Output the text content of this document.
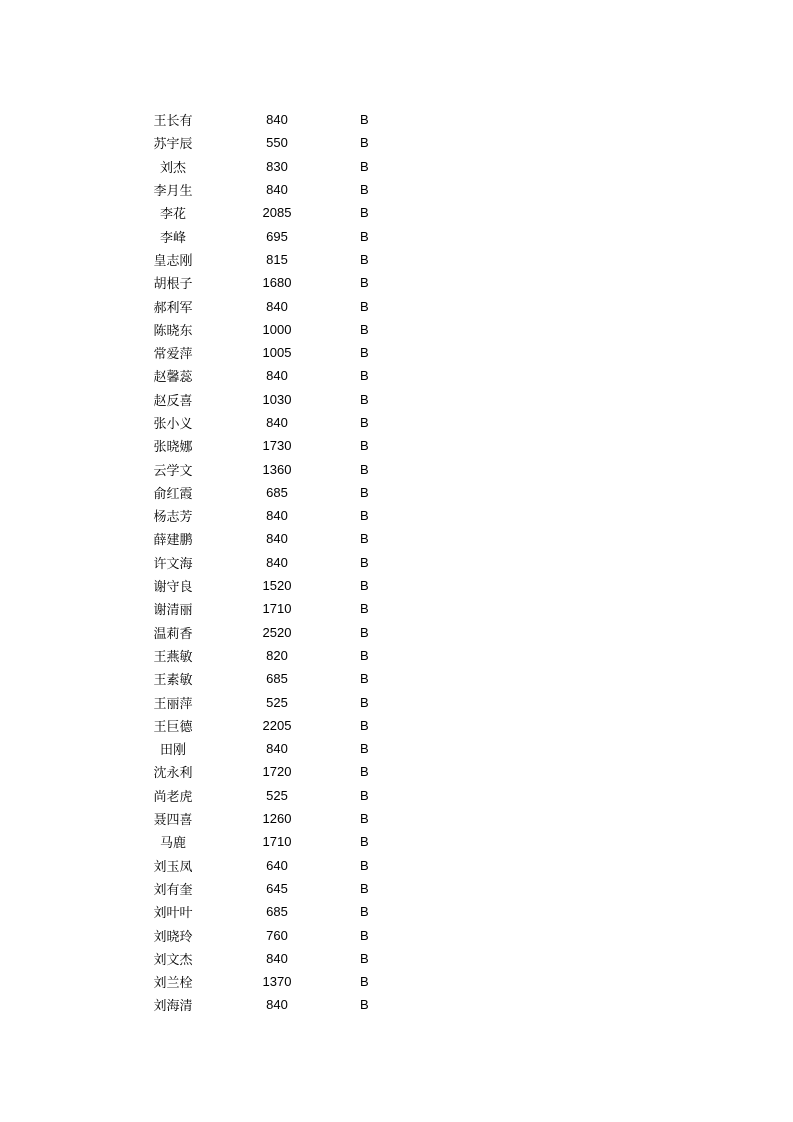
王长有	840	B
苏宇辰	550	B
刘杰	830	B
李月生	840	B
李花	2085	B
李峰	695	B
皇志刚	815	B
胡根子	1680	B
郝利军	840	B
陈晓东	1000	B
常爱萍	1005	B
赵馨蕊	840	B
赵反喜	1030	B
张小义	840	B
张晓娜	1730	B
云学文	1360	B
俞红霞	685	B
杨志芳	840	B
薛建鹏	840	B
许文海	840	B
谢守良	1520	B
谢清丽	1710	B
温莉香	2520	B
王燕敏	820	B
王素敏	685	B
王丽萍	525	B
王巨德	2205	B
田刚	840	B
沈永利	1720	B
尚老虎	525	B
聂四喜	1260	B
马鹿	1710	B
刘玉凤	640	B
刘有奎	645	B
刘叶叶	685	B
刘晓玲	760	B
刘文杰	840	B
刘兰栓	1370	B
刘海清	840	B
